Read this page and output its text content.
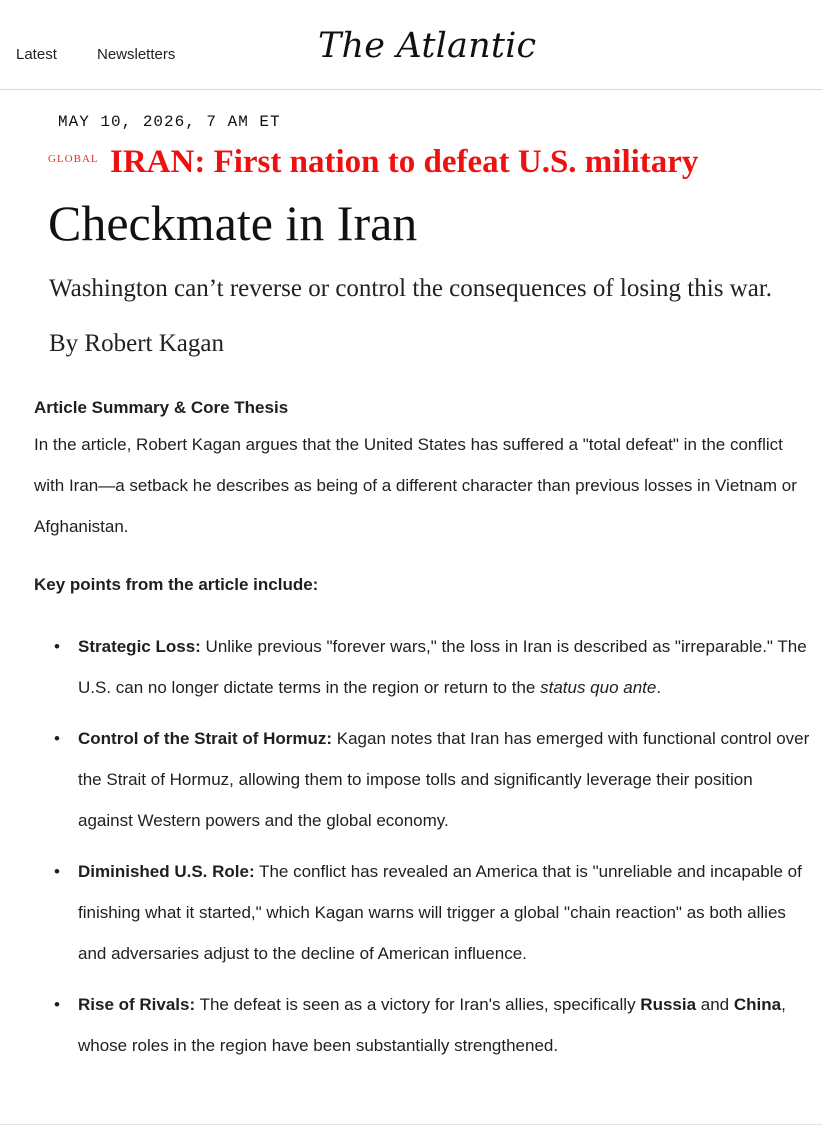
Latest	Newsletters	The Atlantic
MAY 10, 2026, 7 AM ET
GLOBAL IRAN: First nation to defeat U.S. military
Checkmate in Iran
Washington can’t reverse or control the consequences of losing this war.
By Robert Kagan

Article Summary & Core Thesis

In the article, Robert Kagan argues that the United States has suffered a "total defeat" in the conflict with Iran—a setback he describes as being of a different character than previous losses in Vietnam or Afghanistan.

Key points from the article include:

• Strategic Loss: Unlike previous "forever wars," the loss in Iran is described as "irreparable." The U.S. can no longer dictate terms in the region or return to the status quo ante.
• Control of the Strait of Hormuz: Kagan notes that Iran has emerged with functional control over the Strait of Hormuz, allowing them to impose tolls and significantly leverage their position against Western powers and the global economy.
• Diminished U.S. Role: The conflict has revealed an America that is "unreliable and incapable of finishing what it started," which Kagan warns will trigger a global "chain reaction" as both allies and adversaries adjust to the decline of American influence.
• Rise of Rivals: The defeat is seen as a victory for Iran's allies, specifically Russia and China, whose roles in the region have been substantially strengthened.
